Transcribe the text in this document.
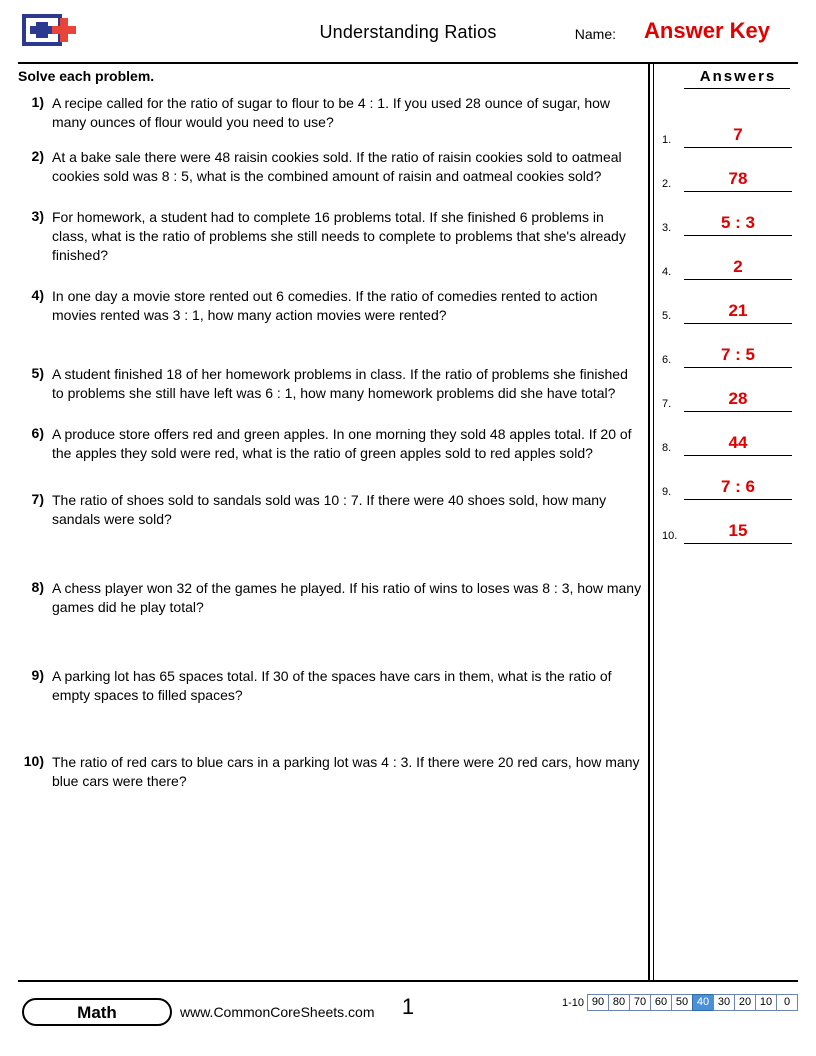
Understanding Ratios	Name: Answer Key
Solve each problem.
1) A recipe called for the ratio of sugar to flour to be 4 : 1. If you used 28 ounce of sugar, how many ounces of flour would you need to use?
2) At a bake sale there were 48 raisin cookies sold. If the ratio of raisin cookies sold to oatmeal cookies sold was 8 : 5, what is the combined amount of raisin and oatmeal cookies sold?
3) For homework, a student had to complete 16 problems total. If she finished 6 problems in class, what is the ratio of problems she still needs to complete to problems that she's already finished?
4) In one day a movie store rented out 6 comedies. If the ratio of comedies rented to action movies rented was 3 : 1, how many action movies were rented?
5) A student finished 18 of her homework problems in class. If the ratio of problems she finished to problems she still have left was 6 : 1, how many homework problems did she have total?
6) A produce store offers red and green apples. In one morning they sold 48 apples total. If 20 of the apples they sold were red, what is the ratio of green apples sold to red apples sold?
7) The ratio of shoes sold to sandals sold was 10 : 7. If there were 40 shoes sold, how many sandals were sold?
8) A chess player won 32 of the games he played. If his ratio of wins to loses was 8 : 3, how many games did he play total?
9) A parking lot has 65 spaces total. If 30 of the spaces have cars in them, what is the ratio of empty spaces to filled spaces?
10) The ratio of red cars to blue cars in a parking lot was 4 : 3. If there were 20 red cars, how many blue cars were there?
Answers
1.	7
2.	78
3.	5 : 3
4.	2
5.	21
6.	7 : 5
7.	28
8.	44
9.	7 : 6
10.	15
Math	www.CommonCoreSheets.com	1	1-10 90 80 70 60 50 40 30 20 10	0
